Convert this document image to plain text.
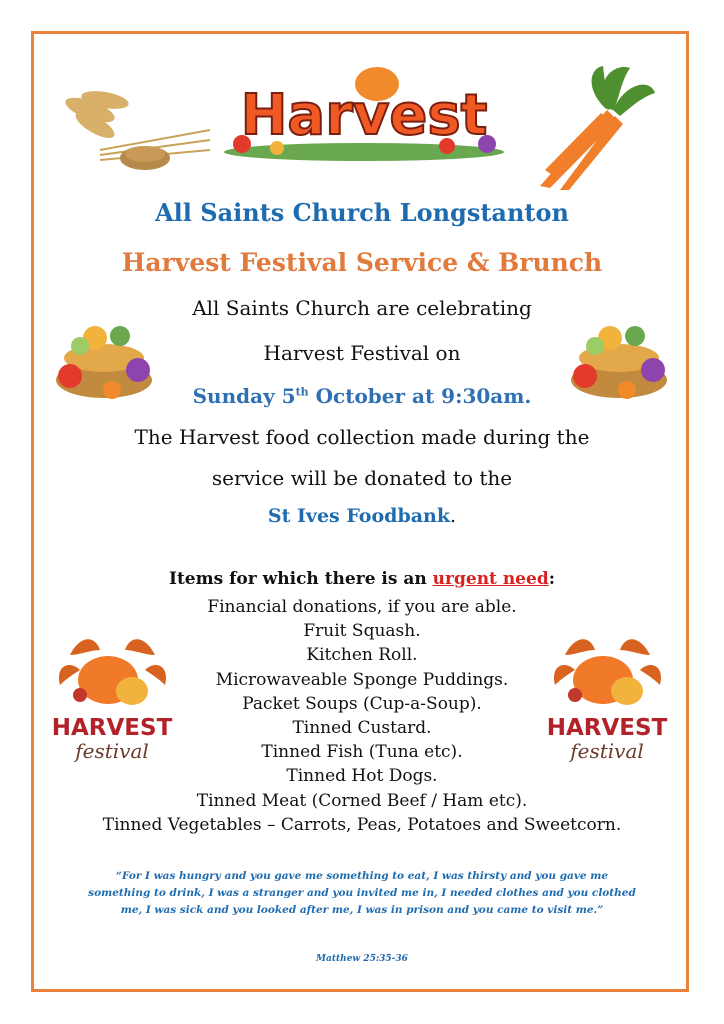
Harvest
HARVEST
festival
HARVEST
festival
All Saints Church Longstanton
Harvest Festival Service & Brunch
All Saints Church are celebrating
Harvest Festival on
Sunday 5th October at 9:30am.
The Harvest food collection made during the
service will be donated to the
St Ives Foodbank.
Items for which there is an urgent need:
Financial donations, if you are able.
Fruit Squash.
Kitchen Roll.
Microwaveable Sponge Puddings.
Packet Soups (Cup-a-Soup).
Tinned Custard.
Tinned Fish (Tuna etc).
Tinned Hot Dogs.
Tinned Meat (Corned Beef / Ham etc).
Tinned Vegetables – Carrots, Peas, Potatoes and Sweetcorn.
“For I was hungry and you gave me something to eat, I was thirsty and you gave me something to drink, I was a stranger and you invited me in, I needed clothes and you clothed me, I was sick and you looked after me, I was in prison and you came to visit me.”
Matthew 25:35-36
